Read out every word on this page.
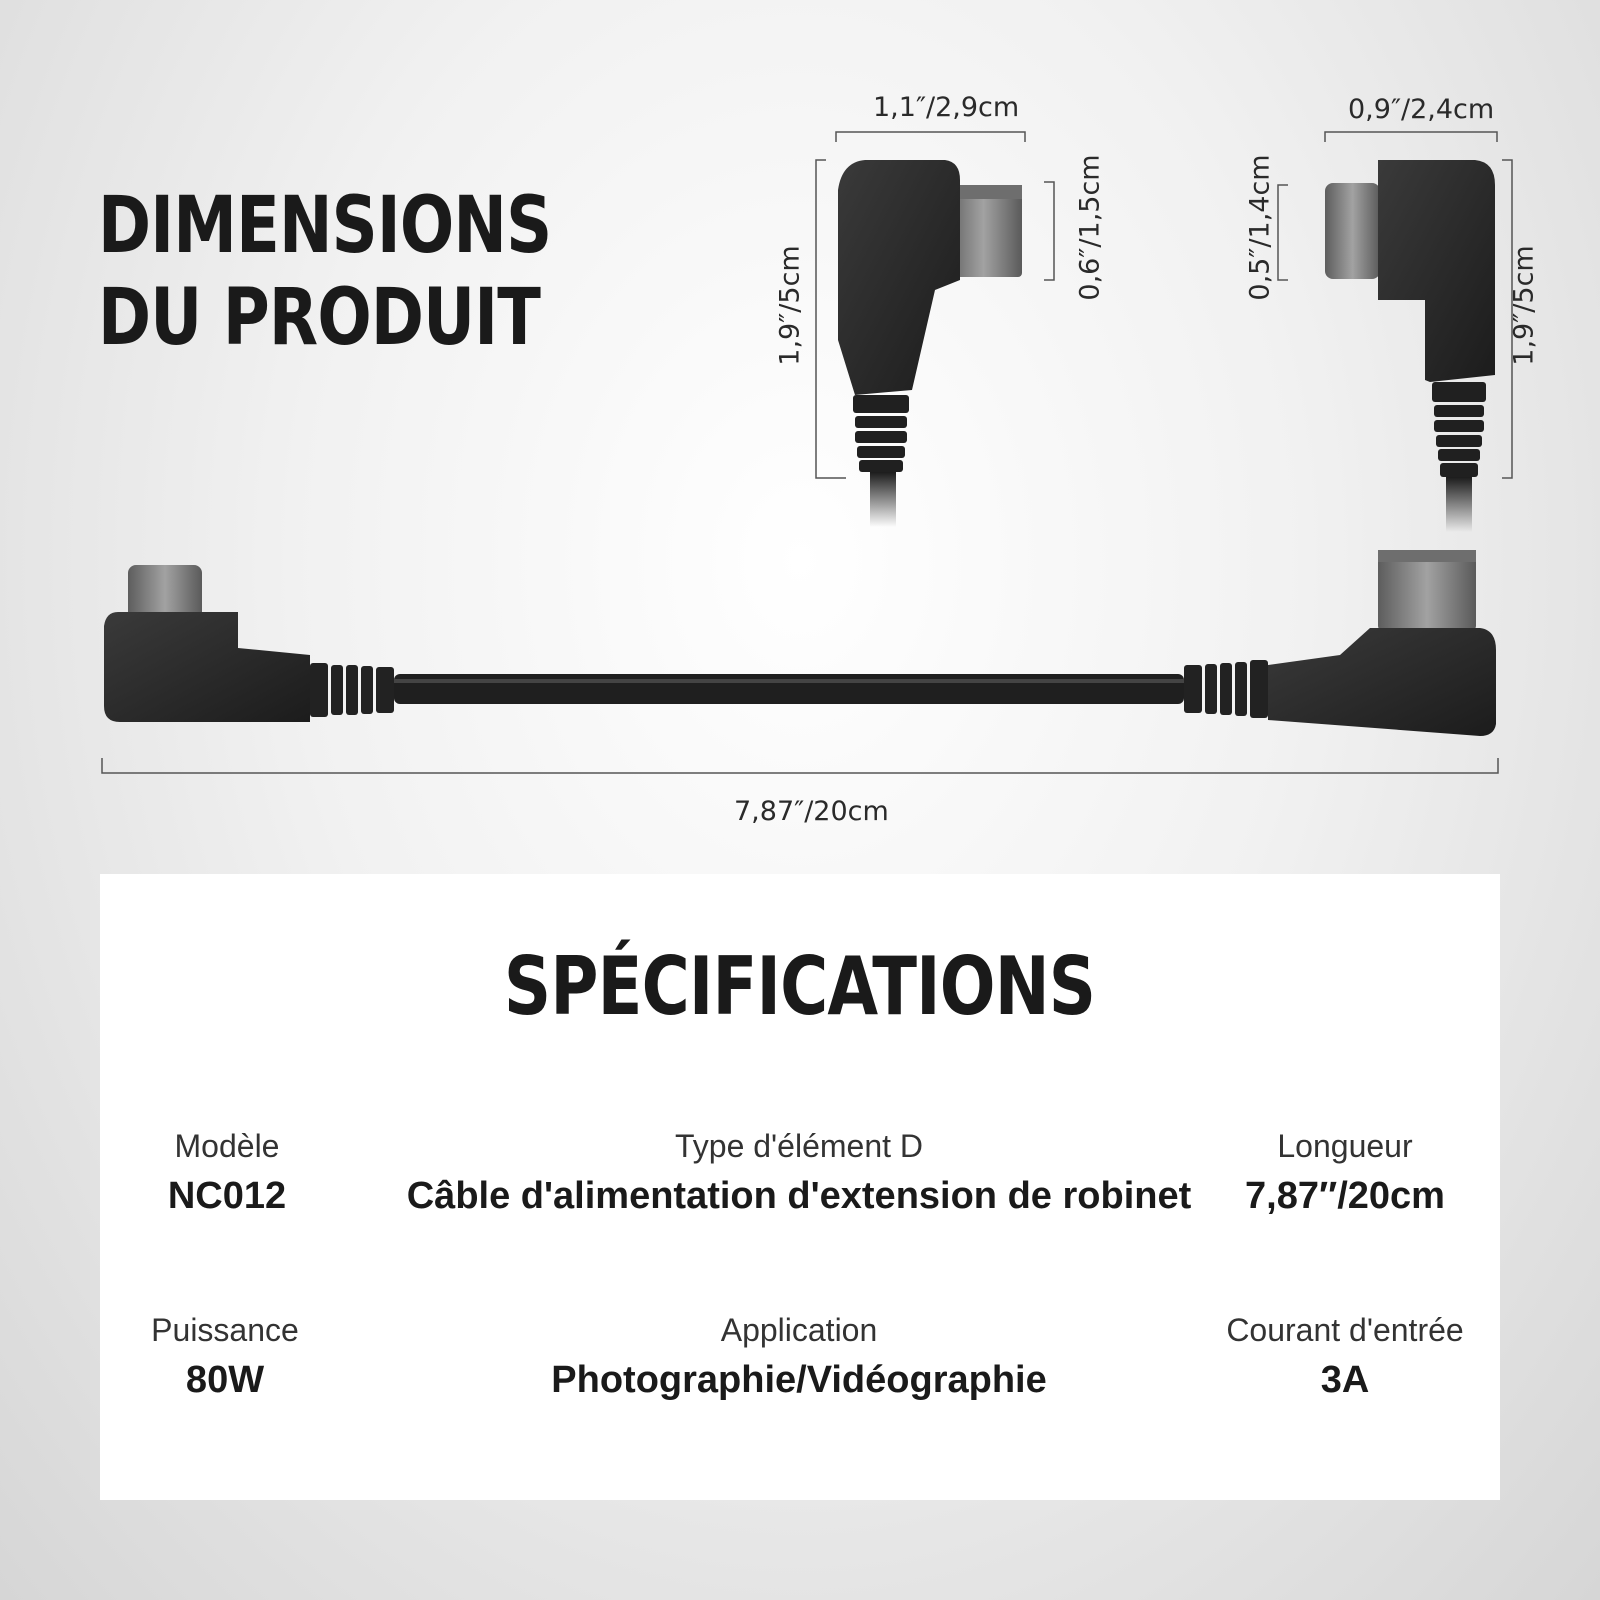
DIMENSIONS
DU PRODUIT
1,1″/2,9cm	0,9″/2,4cm
1,9″/5cm
0,6″/1,5cm	0,5″/1,4cm
1,9″/5cm
7,87″/20cm
SPÉCIFICATIONS
Modèle
NC012
Type d'élément D
Câble d'alimentation d'extension de robinet
Longueur
7,87″/20cm
Puissance
80W
Application
Photographie/Vidéographie
Courant d'entrée
3A
